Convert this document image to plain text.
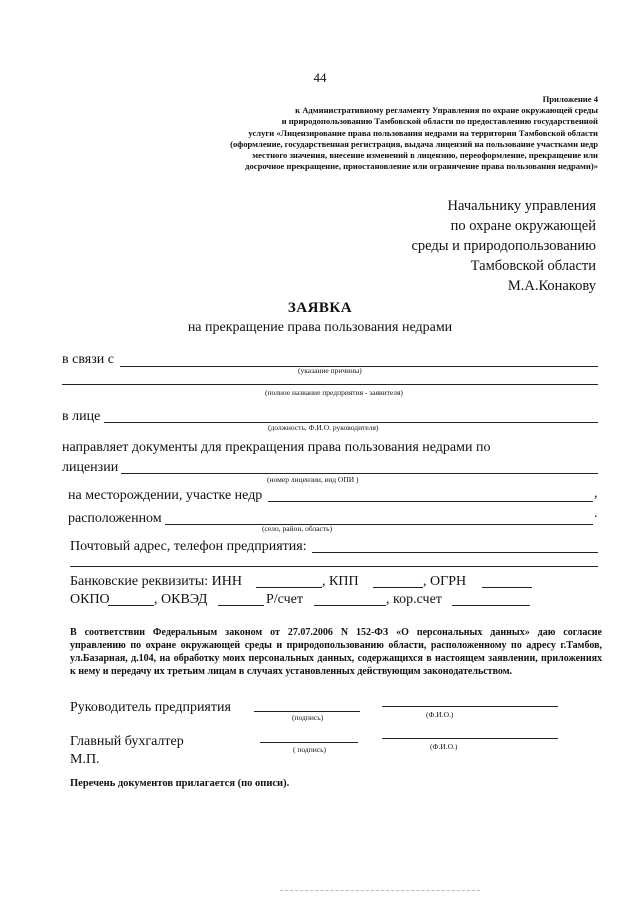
44
Приложение 4
к Административному регламенту Управления по охране окружающей среды
и природопользованию Тамбовской области по предоставлению государственной
услуги «Лицензирование права пользования недрами на территории Тамбовской области
(оформление, государственная регистрация, выдача лицензий на пользование участками недр
местного значения, внесение изменений в лицензию, переоформление, прекращение или
досрочное прекращение, приостановление или ограничение права пользования недрами)»
Начальнику управления
по охране окружающей
среды и природопользованию
Тамбовской области
М.А.Конакову
ЗАЯВКА
на прекращение права пользования недрами
в связи с
(указание причины)
(полное название предприятия - заявителя)
в лице
(должность, Ф.И.О. руководителя)
направляет документы для прекращения права пользования недрами по
лицензии
(номер лицензии, вид ОПИ )
на месторождении, участке недр	,
расположенном	.
(село, район, область)
Почтовый адрес, телефон предприятия:
Банковские реквизиты: ИНН	, КПП	, ОГРН
ОКПО	, ОКВЭД	Р/счет	, кор.счет
В соответствии Федеральным законом от 27.07.2006 N 152-ФЗ «О персональных данных» даю согласие
управлению по охране окружающей среды и природопользованию области, расположенному по адресу г.Тамбов,
ул.Базарная, д.104, на обработку моих персональных данных, содержащихся в настоящем заявлении, приложениях
к нему и передачу их третьим лицам в случаях установленных действующим законодательством.
Руководитель предприятия
(подпись)	(Ф.И.О.)
Главный бухгалтер
( подпись)	(Ф.И.О.)
М.П.
Перечень документов прилагается (по описи).
